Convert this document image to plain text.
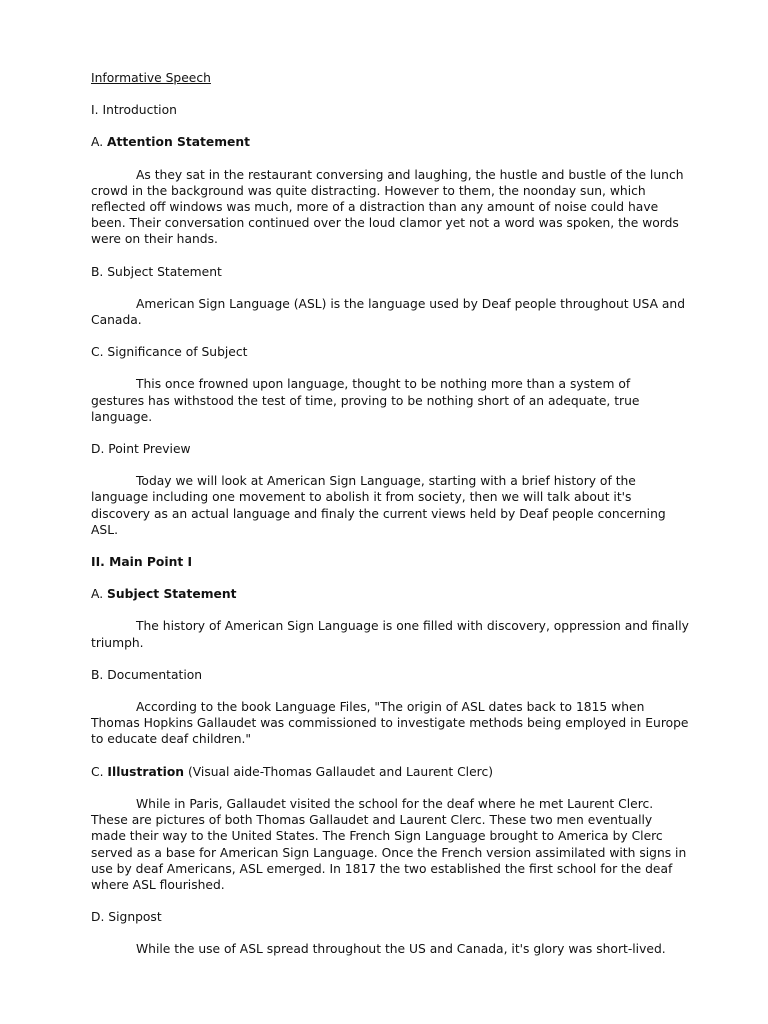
Informative Speech

I. Introduction

A. Attention Statement

As they sat in the restaurant conversing and laughing, the hustle and bustle of the lunch

crowd in the background was quite distracting. However to them, the noonday sun, which

reflected off windows was much, more of a distraction than any amount of noise could have

been. Their conversation continued over the loud clamor yet not a word was spoken, the words

were on their hands.

B. Subject Statement

American Sign Language (ASL) is the language used by Deaf people throughout USA and

Canada.

C. Significance of Subject

This once frowned upon language, thought to be nothing more than a system of

gestures has withstood the test of time, proving to be nothing short of an adequate, true

language.

D. Point Preview

Today we will look at American Sign Language, starting with a brief history of the

language including one movement to abolish it from society, then we will talk about it's

discovery as an actual language and finaly the current views held by Deaf people concerning

ASL.

II. Main Point I

A. Subject Statement

The history of American Sign Language is one filled with discovery, oppression and finally

triumph.

B. Documentation

According to the book Language Files, "The origin of ASL dates back to 1815 when

Thomas Hopkins Gallaudet was commissioned to investigate methods being employed in Europe

to educate deaf children."

C. Illustration (Visual aide-Thomas Gallaudet and Laurent Clerc)

While in Paris, Gallaudet visited the school for the deaf where he met Laurent Clerc.

These are pictures of both Thomas Gallaudet and Laurent Clerc. These two men eventually

made their way to the United States. The French Sign Language brought to America by Clerc

served as a base for American Sign Language. Once the French version assimilated with signs in

use by deaf Americans, ASL emerged. In 1817 the two established the first school for the deaf

where ASL flourished.

D. Signpost

While the use of ASL spread throughout the US and Canada, it's glory was short-lived.
